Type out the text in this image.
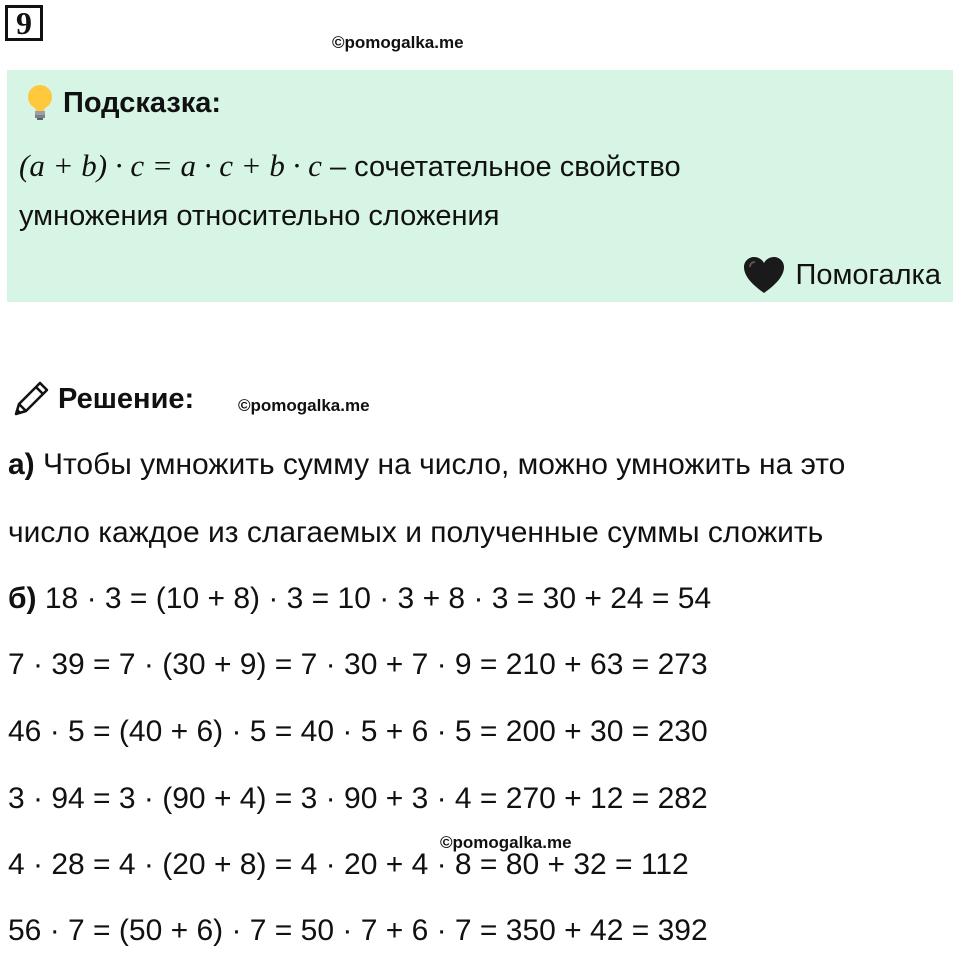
9
©pomogalka.me
Подсказка:
(a + b) · c = a · c + b · c – сочетательное свойство
умножения относительно сложения
Помогалка
Решение:	©pomogalka.me
а) Чтобы умножить сумму на число, можно умножить на это
число каждое из слагаемых и полученные суммы сложить
б) 18 · 3 = (10 + 8) · 3 = 10 · 3 + 8 · 3 = 30 + 24 = 54
7 · 39 = 7 · (30 + 9) = 7 · 30 + 7 · 9 = 210 + 63 = 273
46 · 5 = (40 + 6) · 5 = 40 · 5 + 6 · 5 = 200 + 30 = 230
3 · 94 = 3 · (90 + 4) = 3 · 90 + 3 · 4 = 270 + 12 = 282
©pomogalka.me
4 · 28 = 4 · (20 + 8) = 4 · 20 + 4 · 8 = 80 + 32 = 112
56 · 7 = (50 + 6) · 7 = 50 · 7 + 6 · 7 = 350 + 42 = 392
